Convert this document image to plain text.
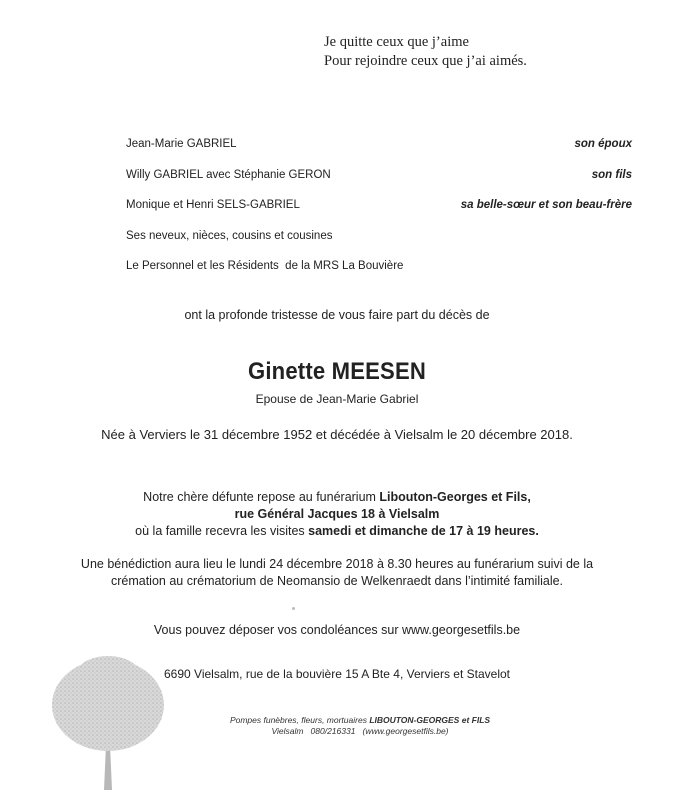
Je quitte ceux que j’aime
Pour rejoindre ceux que j’ai aimés.
Jean-Marie GABRIEL	son époux
Willy GABRIEL avec Stéphanie GERON	son fils
Monique et Henri SELS-GABRIEL	sa belle-sœur et son beau-frère
Ses neveux, nièces, cousins et cousines
Le Personnel et les Résidents  de la MRS La Bouvière
ont la profonde tristesse de vous faire part du décès de
Ginette MEESEN
Epouse de Jean-Marie Gabriel
Née à Verviers le 31 décembre 1952 et décédée à Vielsalm le 20 décembre 2018.
Notre chère défunte repose au funérarium Libouton-Georges et Fils,
rue Général Jacques 18 à Vielsalm
où la famille recevra les visites samedi et dimanche de 17 à 19 heures.
Une bénédiction aura lieu le lundi 24 décembre 2018 à 8.30 heures au funérarium suivi de la
crémation au crématorium de Neomansio de Welkenraedt dans l’intimité familiale.
Vous pouvez déposer vos condoléances sur www.georgesetfils.be
6690 Vielsalm, rue de la bouvière 15 A Bte 4, Verviers et Stavelot
Pompes funèbres, fleurs, mortuaires LIBOUTON-GEORGES et FILS
Vielsalm   080/216331   (www.georgesetfils.be)
